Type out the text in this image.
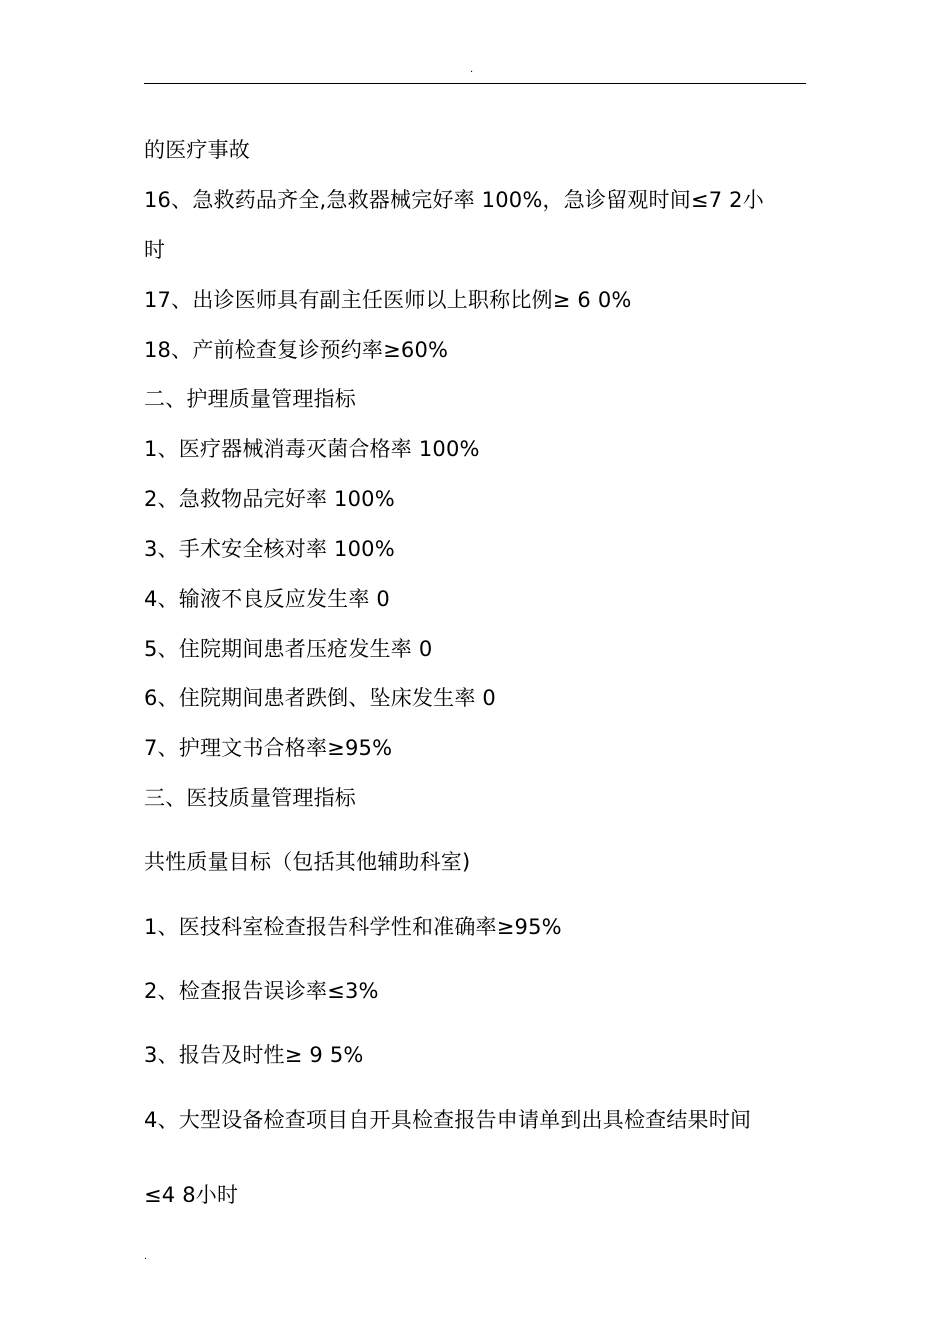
.
的医疗事故
16、急救药品齐全,急救器械完好率 100%，急诊留观时间≤7 2小
时
17、出诊医师具有副主任医师以上职称比例≥ 6 0%
18、产前检查复诊预约率≥60%
二、护理质量管理指标
1、医疗器械消毒灭菌合格率 100%
2、急救物品完好率 100%
3、手术安全核对率 100%
4、输液不良反应发生率 0
5、住院期间患者压疮发生率 0
6、住院期间患者跌倒、坠床发生率 0
7、护理文书合格率≥95%
三、医技质量管理指标
共性质量目标（包括其他辅助科室)
1、医技科室检查报告科学性和准确率≥95%
2、检查报告误诊率≤3%
3、报告及时性≥ 9 5%
4、大型设备检查项目自开具检查报告申请单到出具检查结果时间
≤4 8小时
.
